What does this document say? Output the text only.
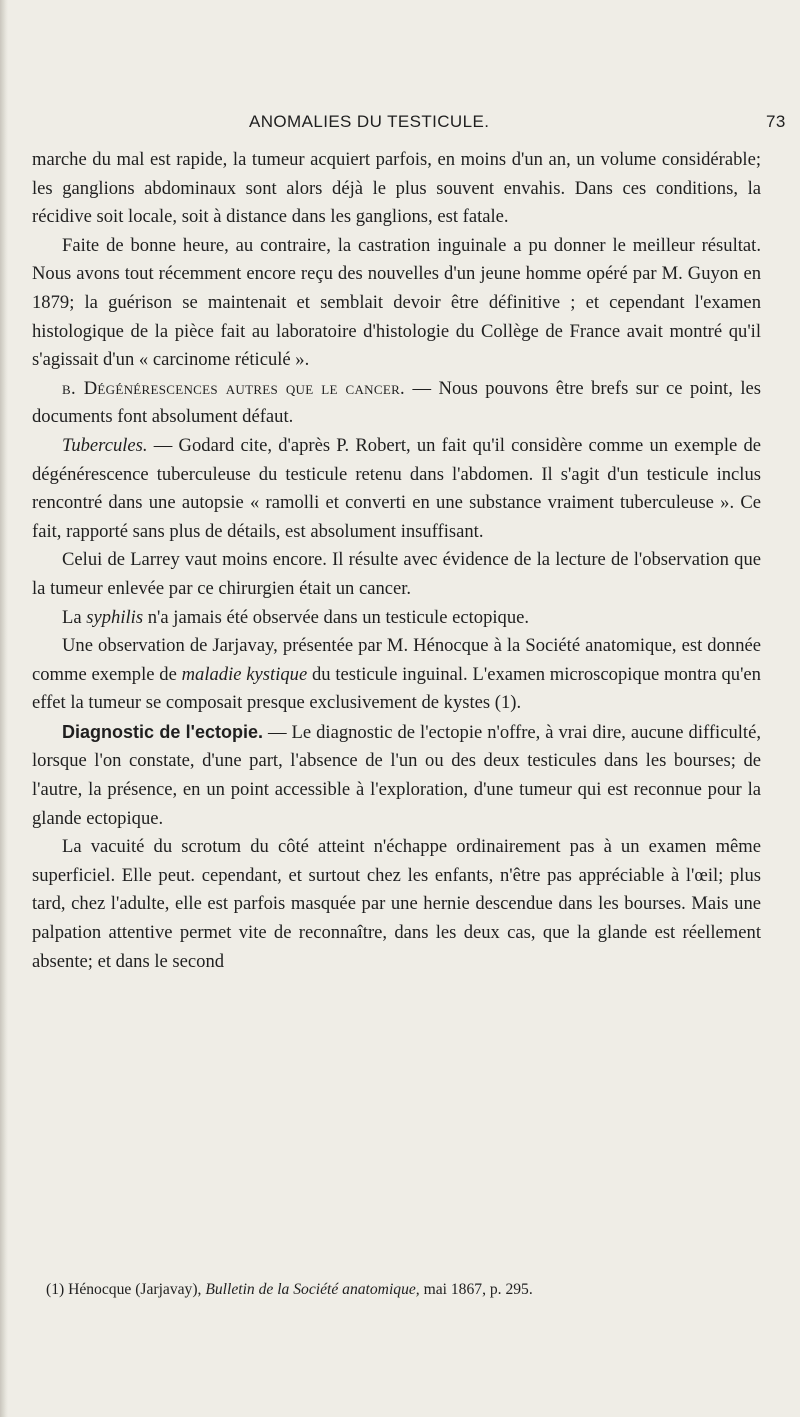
ANOMALIES DU TESTICULE.	73

marche du mal est rapide, la tumeur acquiert parfois, en moins d'un an, un volume considérable; les ganglions abdominaux sont alors déjà le plus souvent envahis. Dans ces conditions, la récidive soit locale, soit à distance dans les ganglions, est fatale.

Faite de bonne heure, au contraire, la castration inguinale a pu donner le meilleur résultat. Nous avons tout récemment encore reçu des nouvelles d'un jeune homme opéré par M. Guyon en 1879; la guérison se maintenait et semblait devoir être définitive ; et cependant l'examen histologique de la pièce fait au laboratoire d'histologie du Collège de France avait montré qu'il s'agissait d'un « carcinome réticulé ».

b. Dégénérescences autres que le cancer. — Nous pouvons être brefs sur ce point, les documents font absolument défaut.

Tubercules. — Godard cite, d'après P. Robert, un fait qu'il considère comme un exemple de dégénérescence tuberculeuse du testicule retenu dans l'abdomen. Il s'agit d'un testicule inclus rencontré dans une autopsie « ramolli et converti en une substance vraiment tuberculeuse ». Ce fait, rapporté sans plus de détails, est absolument insuffisant.

Celui de Larrey vaut moins encore. Il résulte avec évidence de la lecture de l'observation que la tumeur enlevée par ce chirurgien était un cancer.

La syphilis n'a jamais été observée dans un testicule ectopique.

Une observation de Jarjavay, présentée par M. Hénocque à la Société anatomique, est donnée comme exemple de maladie kystique du testicule inguinal. L'examen microscopique montra qu'en effet la tumeur se composait presque exclusivement de kystes (1).

Diagnostic de l'ectopie. — Le diagnostic de l'ectopie n'offre, à vrai dire, aucune difficulté, lorsque l'on constate, d'une part, l'absence de l'un ou des deux testicules dans les bourses; de l'autre, la présence, en un point accessible à l'exploration, d'une tumeur qui est reconnue pour la glande ectopique.

La vacuité du scrotum du côté atteint n'échappe ordinairement pas à un examen même superficiel. Elle peut. cependant, et surtout chez les enfants, n'être pas appréciable à l'œil; plus tard, chez l'adulte, elle est parfois masquée par une hernie descendue dans les bourses. Mais une palpation attentive permet vite de reconnaître, dans les deux cas, que la glande est réellement absente; et dans le second

(1) Hénocque (Jarjavay), Bulletin de la Société anatomique, mai 1867, p. 295.
